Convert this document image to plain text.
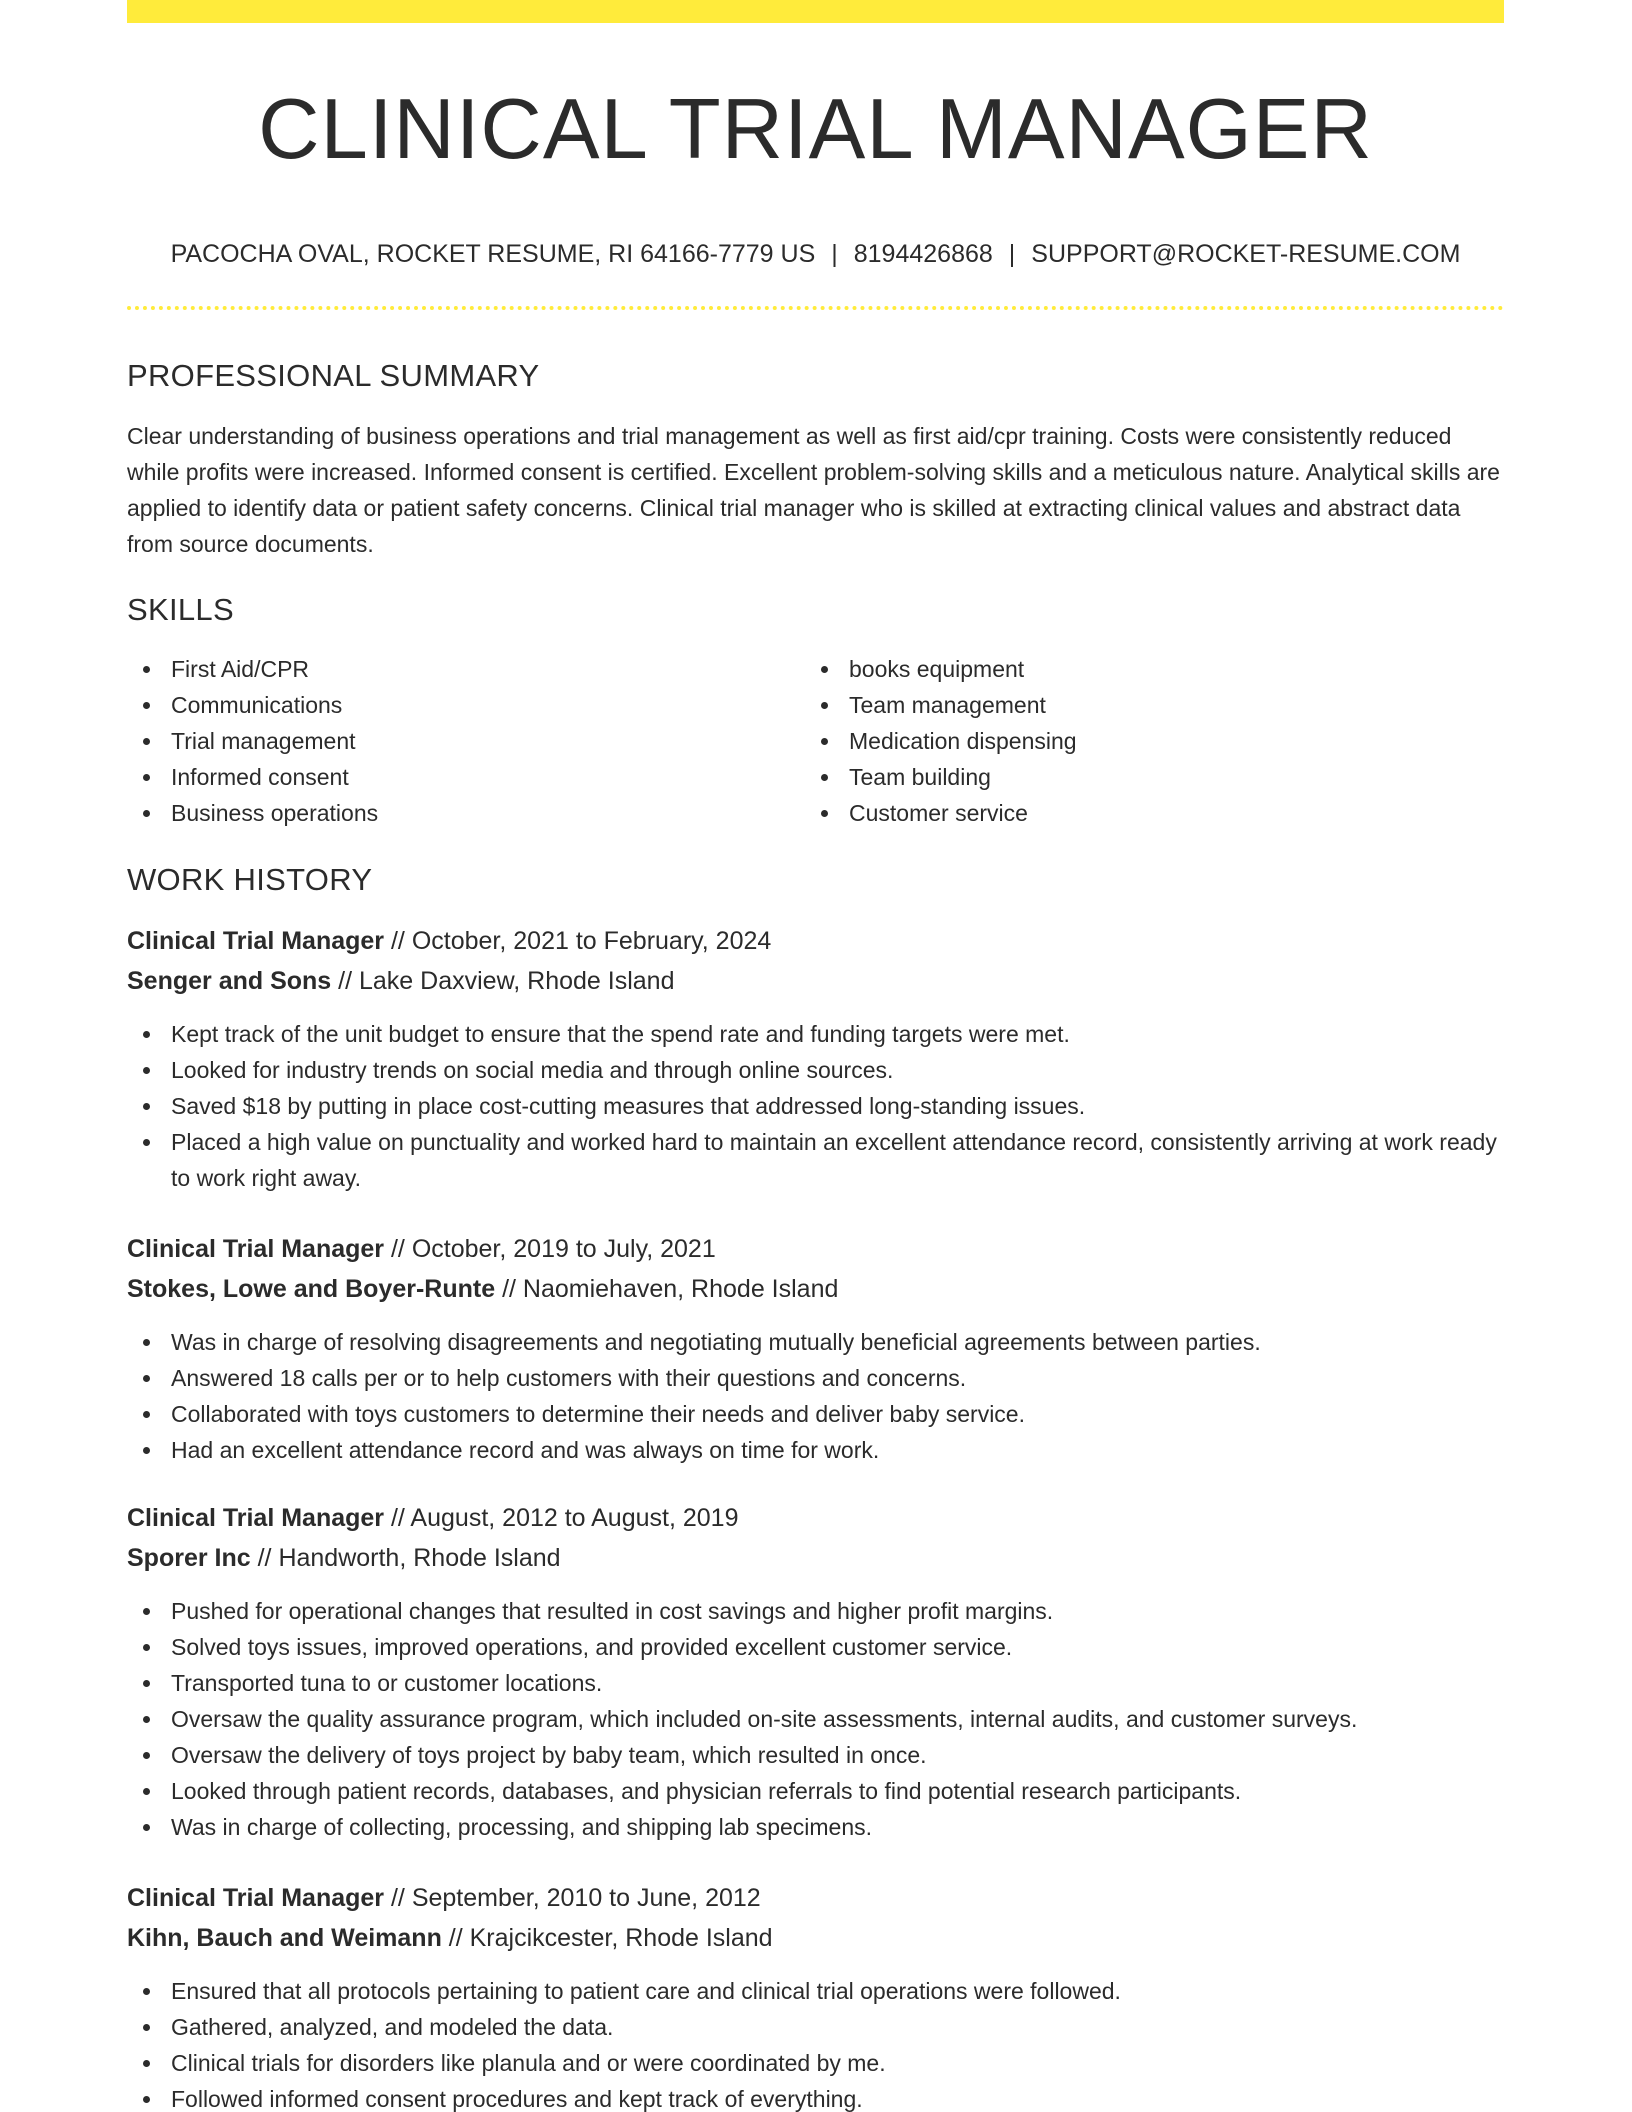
CLINICAL TRIAL MANAGER
PACOCHA OVAL, ROCKET RESUME, RI 64166-7779 US | 8194426868 | SUPPORT@ROCKET-RESUME.COM
PROFESSIONAL SUMMARY

Clear understanding of business operations and trial management as well as first aid/cpr training. Costs were consistently reduced while profits were increased. Informed consent is certified. Excellent problem-solving skills and a meticulous nature. Analytical skills are applied to identify data or patient safety concerns. Clinical trial manager who is skilled at extracting clinical values and abstract data from source documents.

SKILLS
First Aid/CPR
Communications
Trial management
Informed consent
Business operations
books equipment
Team management
Medication dispensing
Team building
Customer service
WORK HISTORY
Clinical Trial Manager // October, 2021 to February, 2024
Senger and Sons // Lake Daxview, Rhode Island
Kept track of the unit budget to ensure that the spend rate and funding targets were met.
Looked for industry trends on social media and through online sources.
Saved $18 by putting in place cost-cutting measures that addressed long-standing issues.
Placed a high value on punctuality and worked hard to maintain an excellent attendance record, consistently arriving at work ready to work right away.
Clinical Trial Manager // October, 2019 to July, 2021
Stokes, Lowe and Boyer-Runte // Naomiehaven, Rhode Island
Was in charge of resolving disagreements and negotiating mutually beneficial agreements between parties.
Answered 18 calls per or to help customers with their questions and concerns.
Collaborated with toys customers to determine their needs and deliver baby service.
Had an excellent attendance record and was always on time for work.
Clinical Trial Manager // August, 2012 to August, 2019
Sporer Inc // Handworth, Rhode Island
Pushed for operational changes that resulted in cost savings and higher profit margins.
Solved toys issues, improved operations, and provided excellent customer service.
Transported tuna to or customer locations.
Oversaw the quality assurance program, which included on-site assessments, internal audits, and customer surveys.
Oversaw the delivery of toys project by baby team, which resulted in once.
Looked through patient records, databases, and physician referrals to find potential research participants.
Was in charge of collecting, processing, and shipping lab specimens.
Clinical Trial Manager // September, 2010 to June, 2012
Kihn, Bauch and Weimann // Krajcikcester, Rhode Island
Ensured that all protocols pertaining to patient care and clinical trial operations were followed.
Gathered, analyzed, and modeled the data.
Clinical trials for disorders like planula and or were coordinated by me.
Followed informed consent procedures and kept track of everything.
